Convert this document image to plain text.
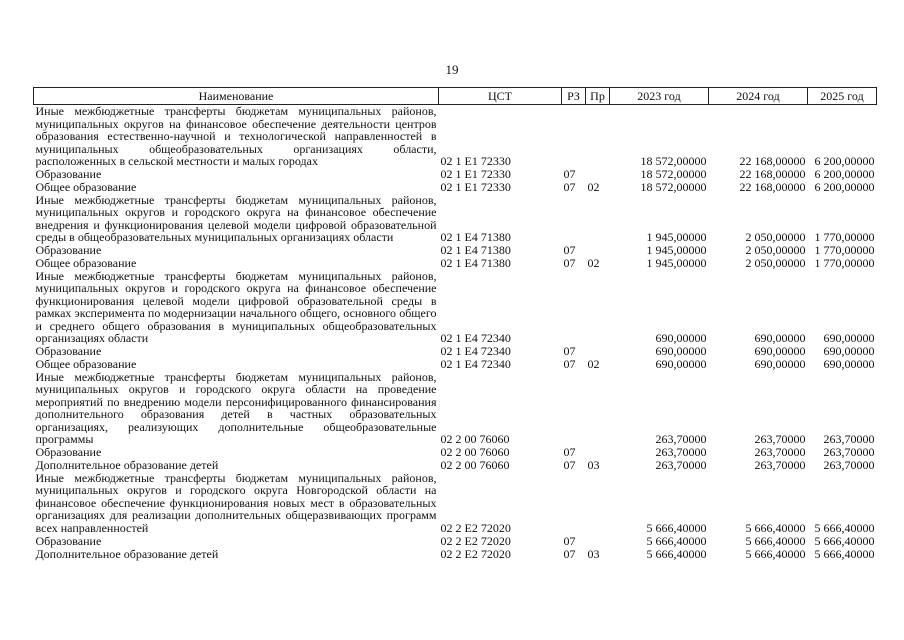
19
Наименование	ЦСТ	РЗ	Пр	2023 год	2024 год	2025 год
Иные межбюджетные трансферты бюджетам муниципальных районов, муниципальных округов на финансовое обеспечение деятельности центров образования естественно-научной и технологической направленностей в муниципальных общеобразовательных организациях области, расположенных в сельской местности и малых городах	02 1 E1 72330			18 572,00000	22 168,00000	6 200,00000
Образование	02 1 E1 72330	07		18 572,00000	22 168,00000	6 200,00000
Общее образование	02 1 E1 72330	07	02	18 572,00000	22 168,00000	6 200,00000
Иные межбюджетные трансферты бюджетам муниципальных районов, муниципальных округов и городского округа на финансовое обеспечение внедрения и функционирования целевой модели цифровой образовательной среды в общеобразовательных муниципальных организациях области	02 1 E4 71380			1 945,00000	2 050,00000	1 770,00000
Образование	02 1 E4 71380	07		1 945,00000	2 050,00000	1 770,00000
Общее образование	02 1 E4 71380	07	02	1 945,00000	2 050,00000	1 770,00000
Иные межбюджетные трансферты бюджетам муниципальных районов, муниципальных округов и городского округа на финансовое обеспечение функционирования целевой модели цифровой образовательной среды в рамках эксперимента по модернизации начального общего, основного общего и среднего общего образования в муниципальных общеобразовательных организациях области	02 1 E4 72340			690,00000	690,00000	690,00000
Образование	02 1 E4 72340	07		690,00000	690,00000	690,00000
Общее образование	02 1 E4 72340	07	02	690,00000	690,00000	690,00000
Иные межбюджетные трансферты бюджетам муниципальных районов, муниципальных округов и городского округа области на проведение мероприятий по внедрению модели персонифицированного финансирования дополнительного образования детей в частных образовательных организациях, реализующих дополнительные общеобразовательные программы	02 2 00 76060			263,70000	263,70000	263,70000
Образование	02 2 00 76060	07		263,70000	263,70000	263,70000
Дополнительное образование детей	02 2 00 76060	07	03	263,70000	263,70000	263,70000
Иные межбюджетные трансферты бюджетам муниципальных районов, муниципальных округов и городского округа Новгородской области на финансовое обеспечение функционирования новых мест в образовательных организациях для реализации дополнительных общеразвивающих программ всех направленностей	02 2 E2 72020			5 666,40000	5 666,40000	5 666,40000
Образование	02 2 E2 72020	07		5 666,40000	5 666,40000	5 666,40000
Дополнительное образование детей	02 2 E2 72020	07	03	5 666,40000	5 666,40000	5 666,40000
